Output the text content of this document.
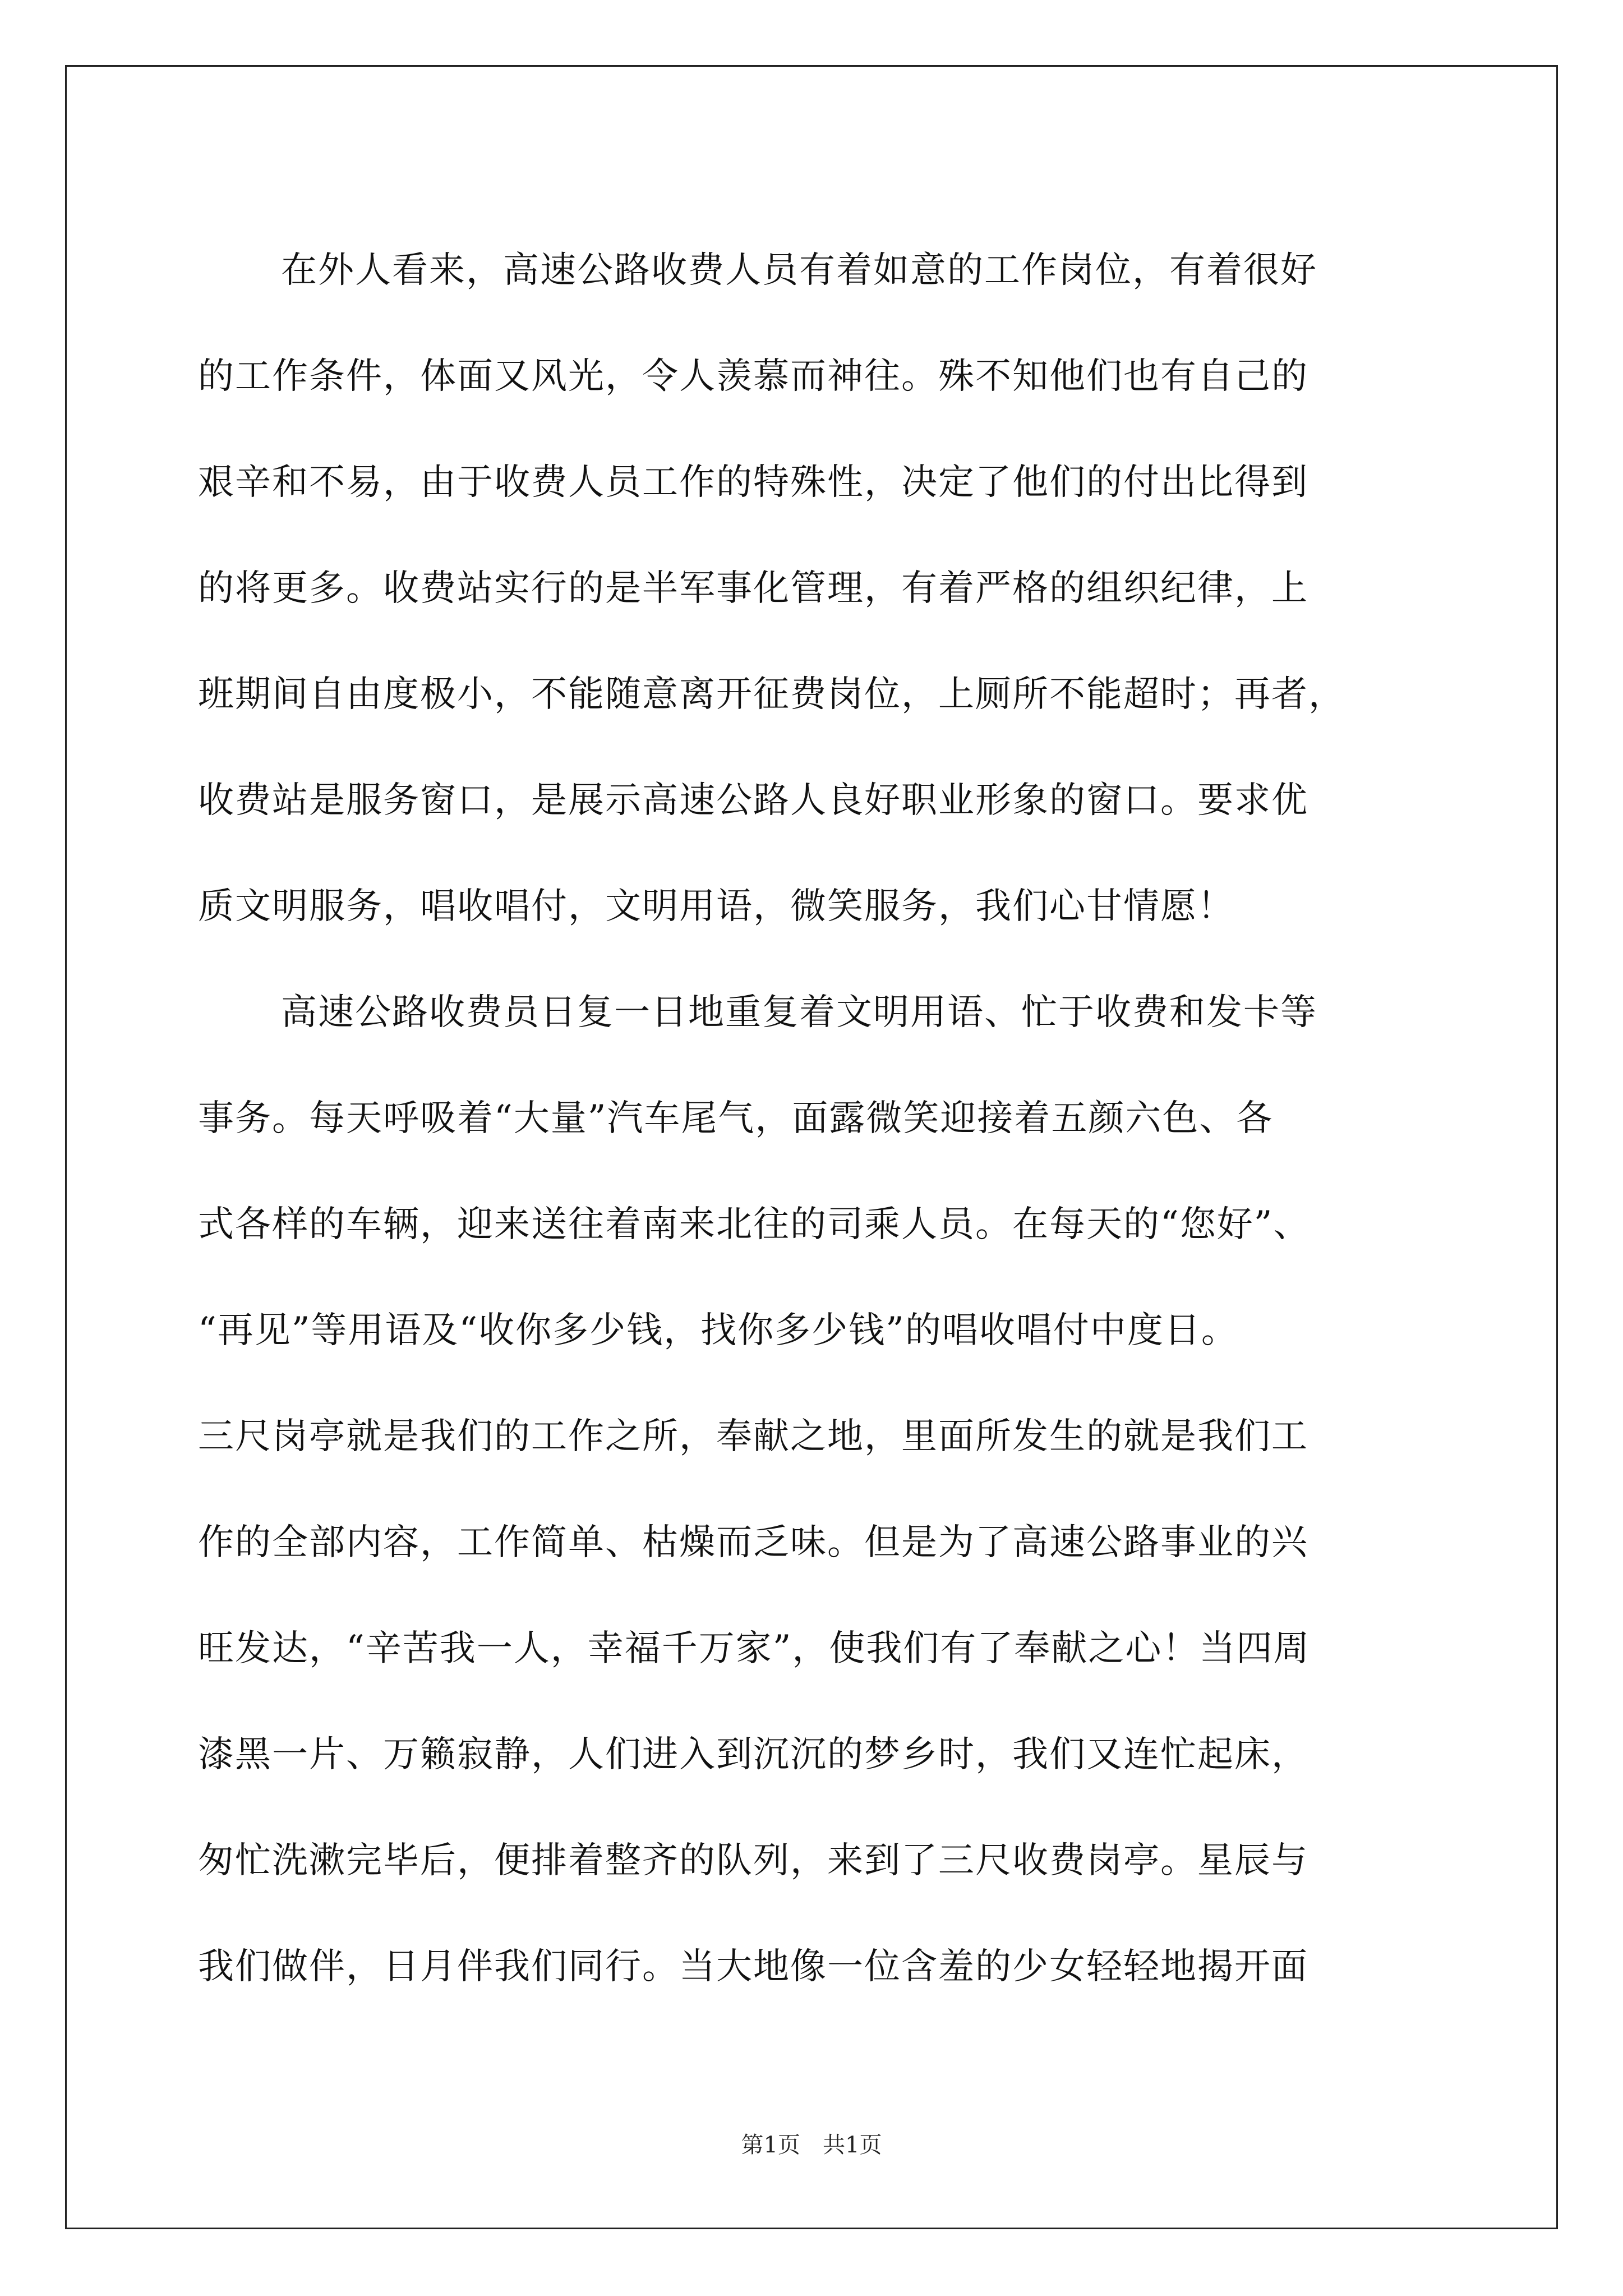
在外人看来，高速公路收费人员有着如意的工作岗位，有着很好
的工作条件，体面又风光，令人羡慕而神往。殊不知他们也有自己的
艰辛和不易，由于收费人员工作的特殊性，决定了他们的付出比得到
的将更多。收费站实行的是半军事化管理，有着严格的组织纪律，上
班期间自由度极小，不能随意离开征费岗位，上厕所不能超时；再者，
收费站是服务窗口，是展示高速公路人良好职业形象的窗口。要求优
质文明服务，唱收唱付，文明用语，微笑服务，我们心甘情愿！
高速公路收费员日复一日地重复着文明用语、忙于收费和发卡等
事务。每天呼吸着“大量”汽车尾气，面露微笑迎接着五颜六色、各
式各样的车辆，迎来送往着南来北往的司乘人员。在每天的“您好”、
“再见”等用语及“收你多少钱，找你多少钱”的唱收唱付中度日。
三尺岗亭就是我们的工作之所，奉献之地，里面所发生的就是我们工
作的全部内容，工作简单、枯燥而乏味。但是为了高速公路事业的兴
旺发达，“辛苦我一人，幸福千万家”，使我们有了奉献之心！当四周
漆黑一片、万籁寂静，人们进入到沉沉的梦乡时，我们又连忙起床，
匆忙洗漱完毕后，便排着整齐的队列，来到了三尺收费岗亭。星辰与
我们做伴，日月伴我们同行。当大地像一位含羞的少女轻轻地揭开面
第1页　共1页
